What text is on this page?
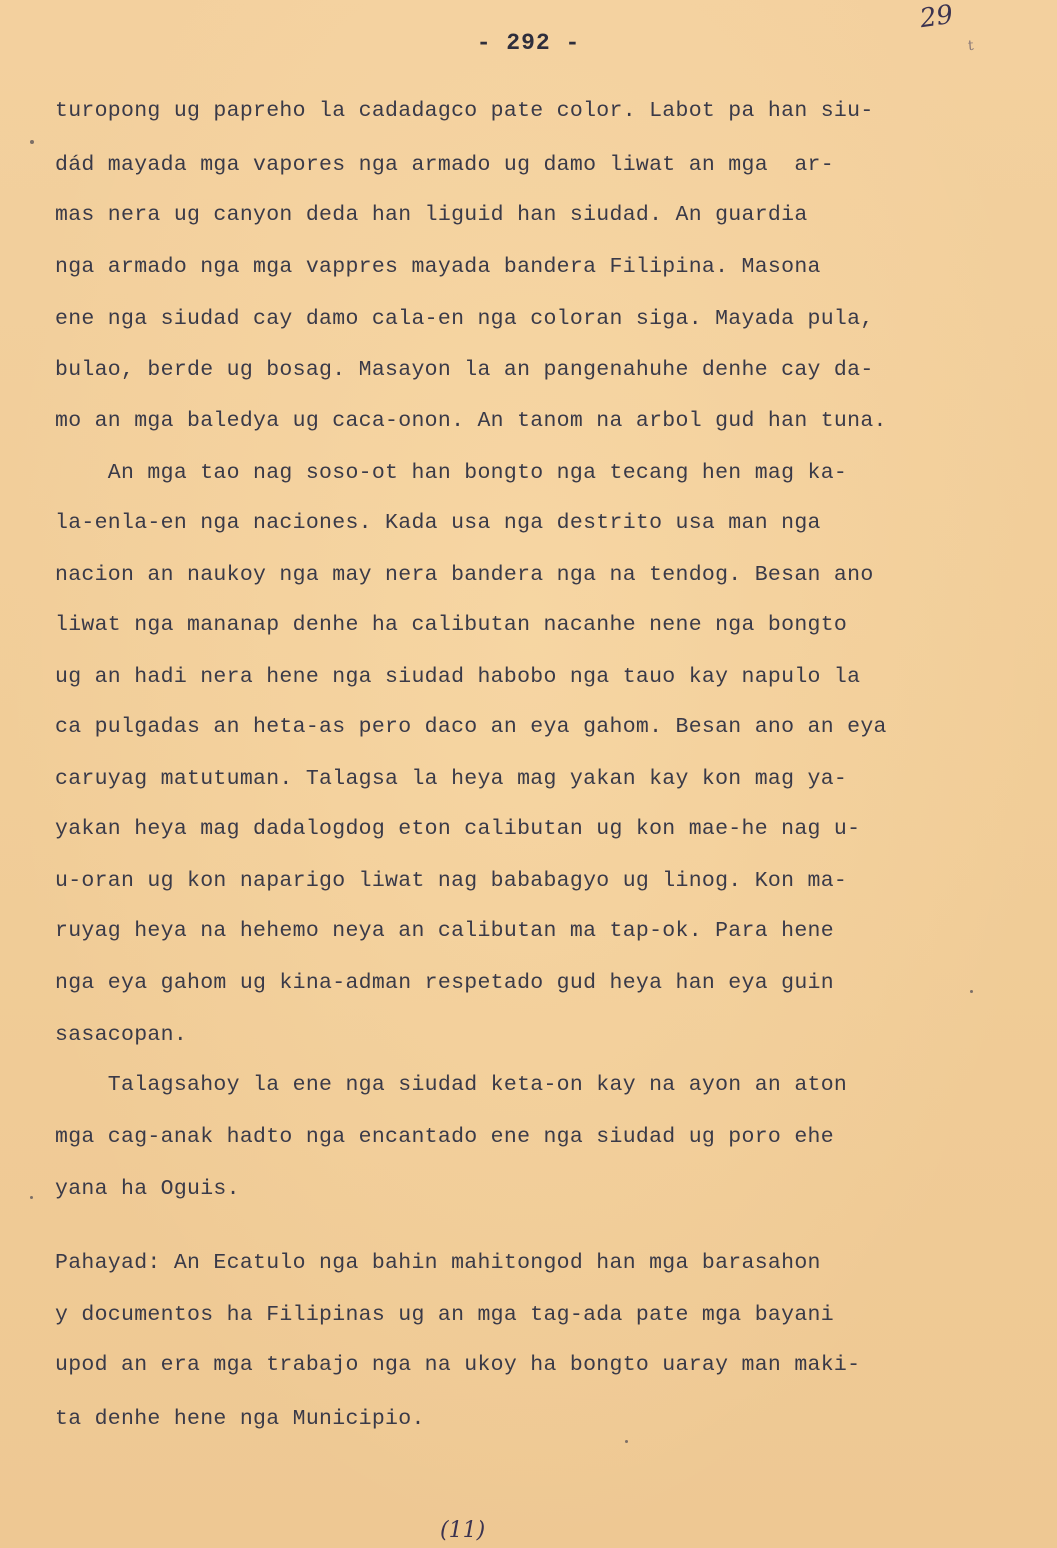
- 292 -
29
t
turopong ug papreho la cadadagco pate color. Labot pa han siu-
dád mayada mga vapores nga armado ug damo liwat an mga  ar-
mas nera ug canyon deda han liguid han siudad. An guardia
nga armado nga mga vappres mayada bandera Filipina. Masona
ene nga siudad cay damo cala-en nga coloran siga. Mayada pula,
bulao, berde ug bosag. Masayon la an pangenahuhe denhe cay da-
mo an mga baledya ug caca-onon. An tanom na arbol gud han tuna.
An mga tao nag soso-ot han bongto nga tecang hen mag ka-
la-enla-en nga naciones. Kada usa nga destrito usa man nga
nacion an naukoy nga may nera bandera nga na tendog. Besan ano
liwat nga mananap denhe ha calibutan nacanhe nene nga bongto
ug an hadi nera hene nga siudad habobo nga tauo kay napulo la
ca pulgadas an heta-as pero daco an eya gahom. Besan ano an eya
caruyag matutuman. Talagsa la heya mag yakan kay kon mag ya-
yakan heya mag dadalogdog eton calibutan ug kon mae-he nag u-
u-oran ug kon naparigo liwat nag bababagyo ug linog. Kon ma-
ruyag heya na hehemo neya an calibutan ma tap-ok. Para hene
nga eya gahom ug kina-adman respetado gud heya han eya guin
sasacopan.
Talagsahoy la ene nga siudad keta-on kay na ayon an aton
mga cag-anak hadto nga encantado ene nga siudad ug poro ehe
yana ha Oguis.
Pahayad: An Ecatulo nga bahin mahitongod han mga barasahon
y documentos ha Filipinas ug an mga tag-ada pate mga bayani
upod an era mga trabajo nga na ukoy ha bongto uaray man maki-
ta denhe hene nga Municipio.
(11)
